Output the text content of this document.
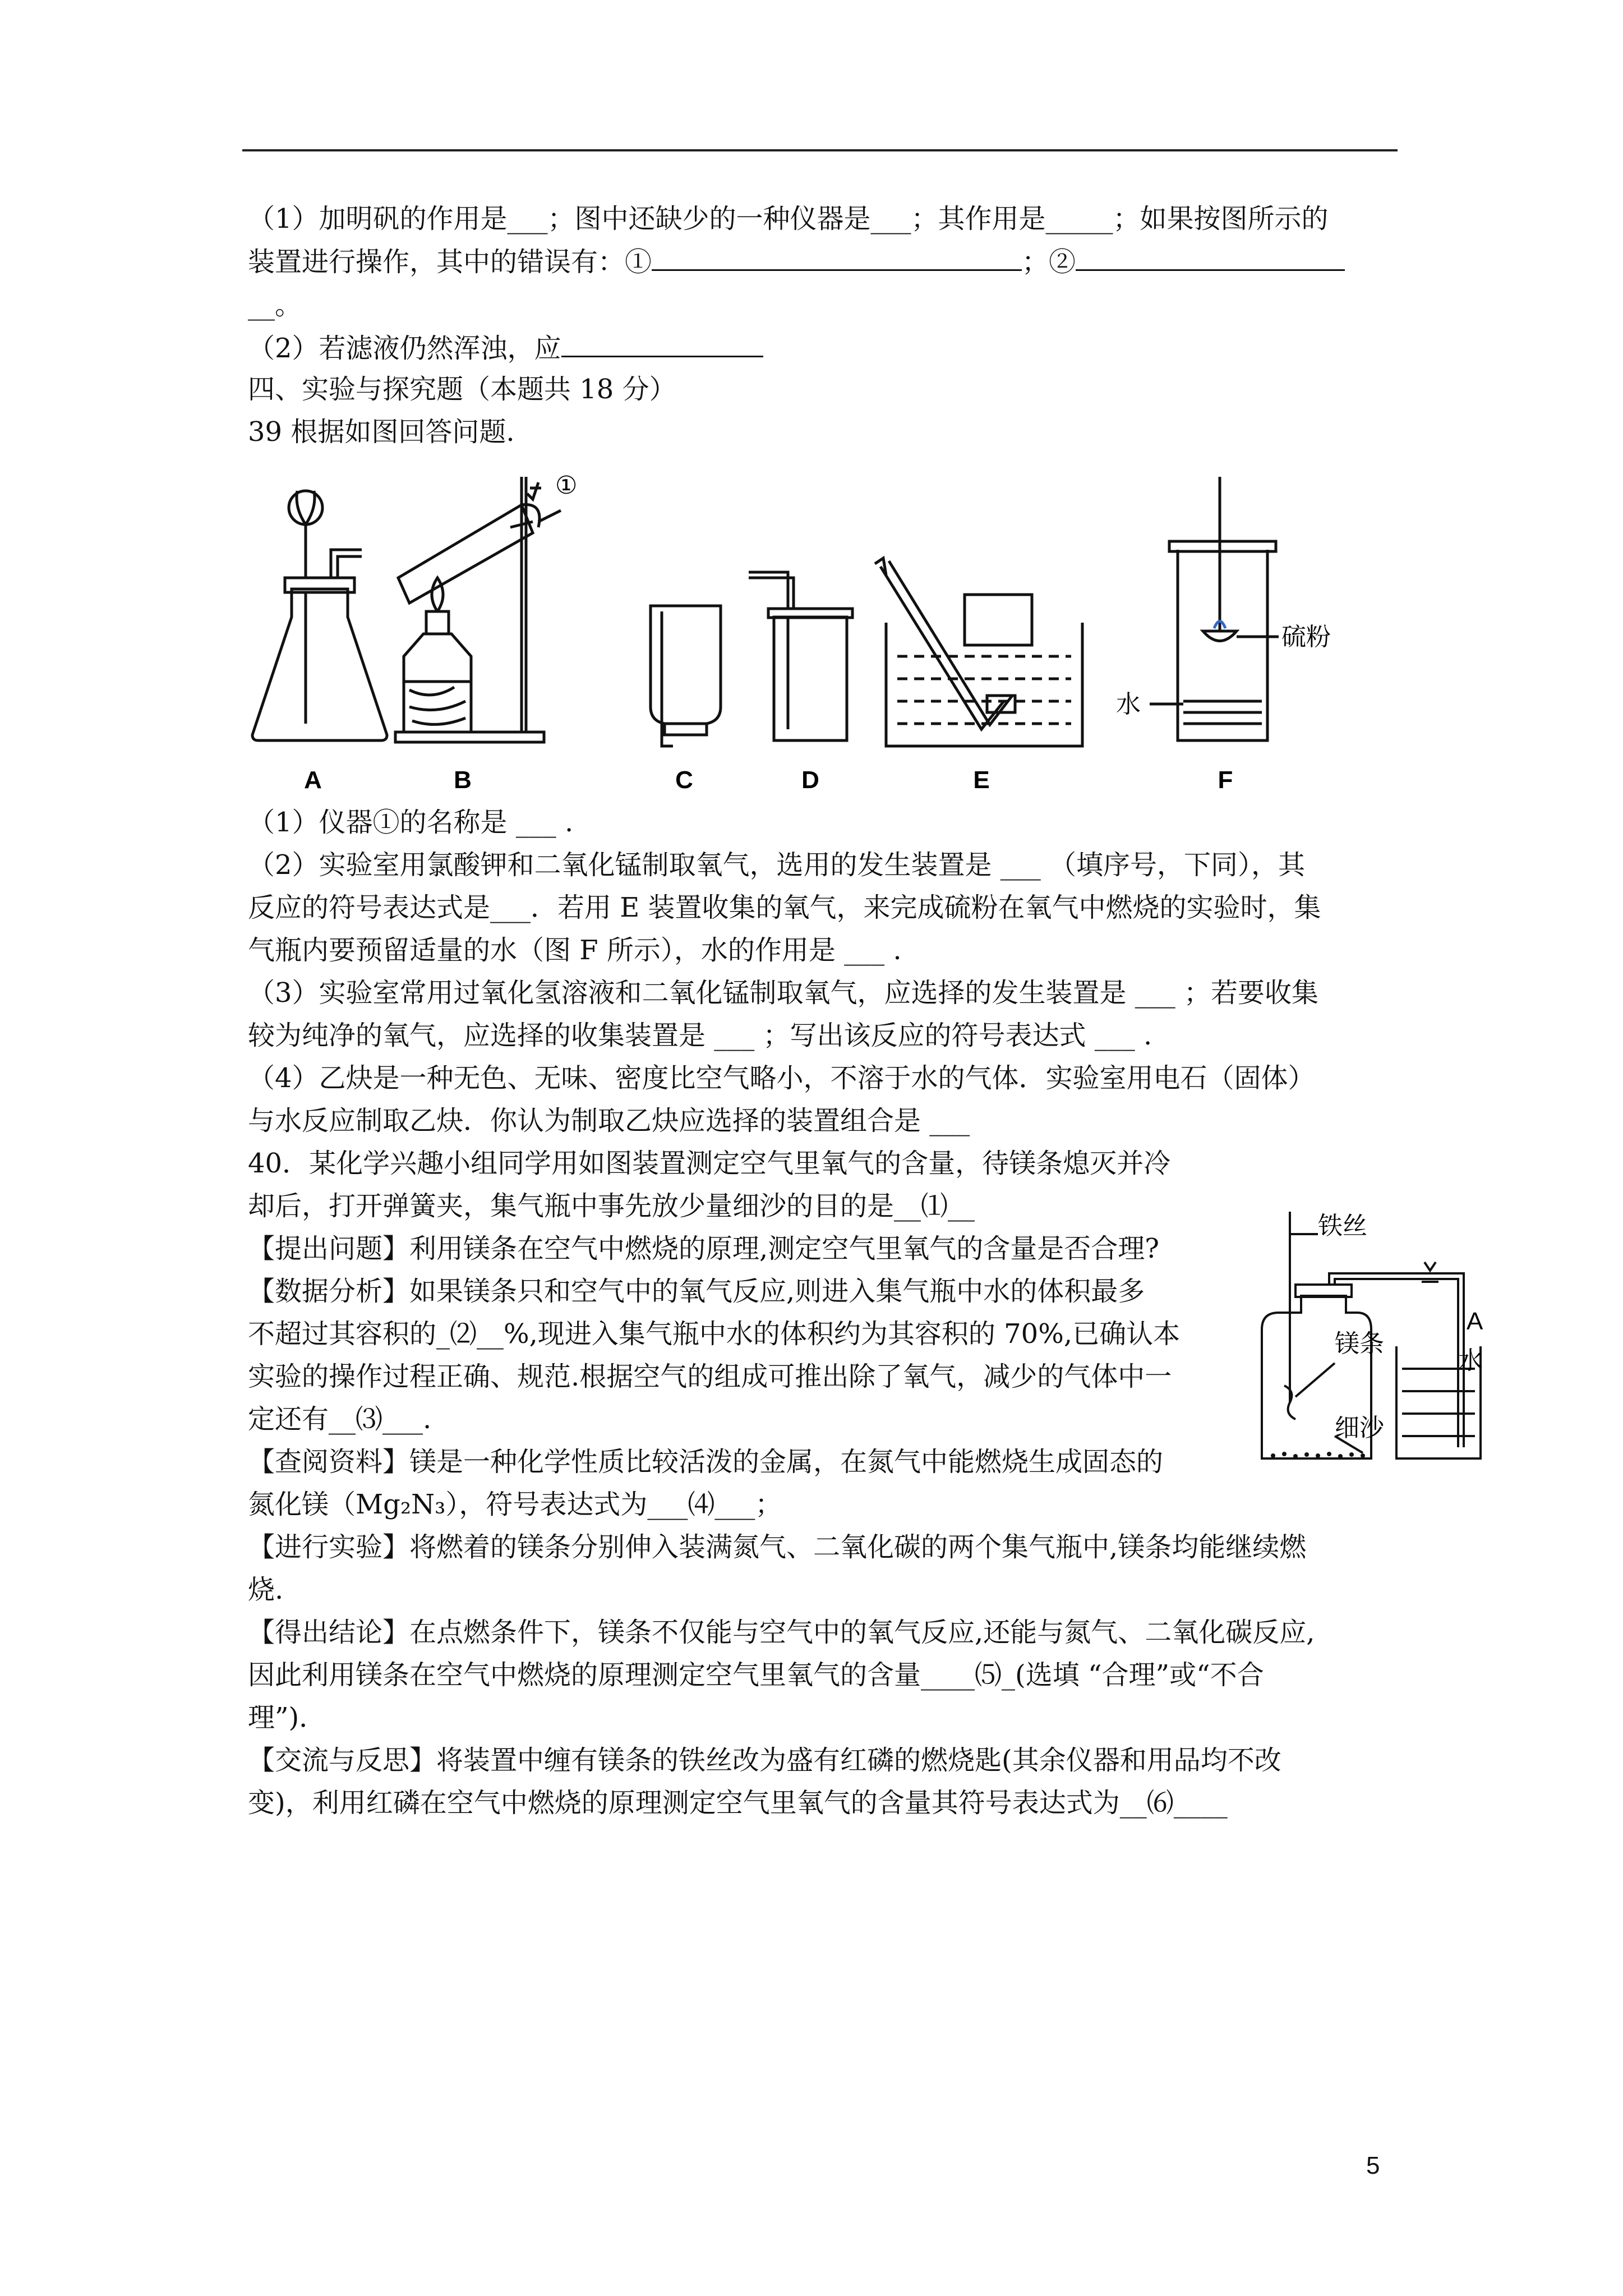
（1）加明矾的作用是___；图中还缺少的一种仪器是___；其作用是_____；如果按图所示的
装置进行操作，其中的错误有：①	；②
__。
（2）若滤液仍然浑浊，应
四、实验与探究题（本题共 18 分）
39 根据如图回答问题.
A	B	C	D	E	F
①
硫粉
水
（1）仪器①的名称是 ___ .
（2）实验室用氯酸钾和二氧化锰制取氧气，选用的发生装置是 ___ （填序号，下同），其
反应的符号表达式是___．若用 E 装置收集的氧气，来完成硫粉在氧气中燃烧的实验时，集
气瓶内要预留适量的水（图 F 所示），水的作用是 ___ .
（3）实验室常用过氧化氢溶液和二氧化锰制取氧气，应选择的发生装置是 ___ ；若要收集
较为纯净的氧气，应选择的收集装置是 ___ ；写出该反应的符号表达式 ___ .
（4）乙炔是一种无色、无味、密度比空气略小，不溶于水的气体．实验室用电石（固体）
与水反应制取乙炔．你认为制取乙炔应选择的装置组合是 ___
40．某化学兴趣小组同学用如图装置测定空气里氧气的含量，待镁条熄灭并冷
却后，打开弹簧夹，集气瓶中事先放少量细沙的目的是__⑴__
【提出问题】利用镁条在空气中燃烧的原理,测定空气里氧气的含量是否合理?
【数据分析】如果镁条只和空气中的氧气反应,则进入集气瓶中水的体积最多
不超过其容积的_⑵__%,现进入集气瓶中水的体积约为其容积的 70%,已确认本
实验的操作过程正确、规范.根据空气的组成可推出除了氧气，减少的气体中一
定还有__⑶___.
【查阅资料】镁是一种化学性质比较活泼的金属，在氮气中能燃烧生成固态的
氮化镁（Mg₂N₃），符号表达式为___⑷___；
【进行实验】将燃着的镁条分别伸入装满氮气、二氧化碳的两个集气瓶中,镁条均能继续燃
烧.
【得出结论】在点燃条件下，镁条不仅能与空气中的氧气反应,还能与氮气、二氧化碳反应,
因此利用镁条在空气中燃烧的原理测定空气里氧气的含量____⑸_(选填 “合理”或“不合
理”)．
【交流与反思】将装置中缠有镁条的铁丝改为盛有红磷的燃烧匙(其余仪器和用品均不改
变)，利用红磷在空气中燃烧的原理测定空气里氧气的含量其符号表达式为__⑹____
铁丝
镁条
细沙
A
水
5
